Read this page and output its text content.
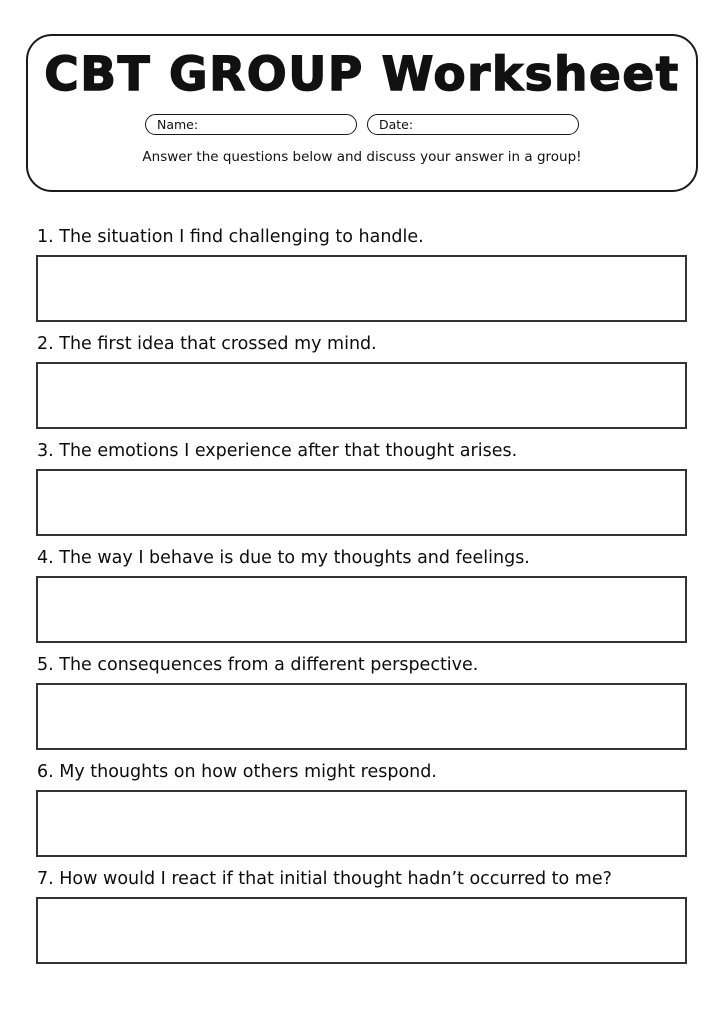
CBT GROUP Worksheet
Name:	Date:
Answer the questions below and discuss your answer in a group!

1. The situation I find challenging to handle.

2. The first idea that crossed my mind.

3. The emotions I experience after that thought arises.

4. The way I behave is due to my thoughts and feelings.

5. The consequences from a different perspective.

6. My thoughts on how others might respond.

7. How would I react if that initial thought hadn’t occurred to me?
